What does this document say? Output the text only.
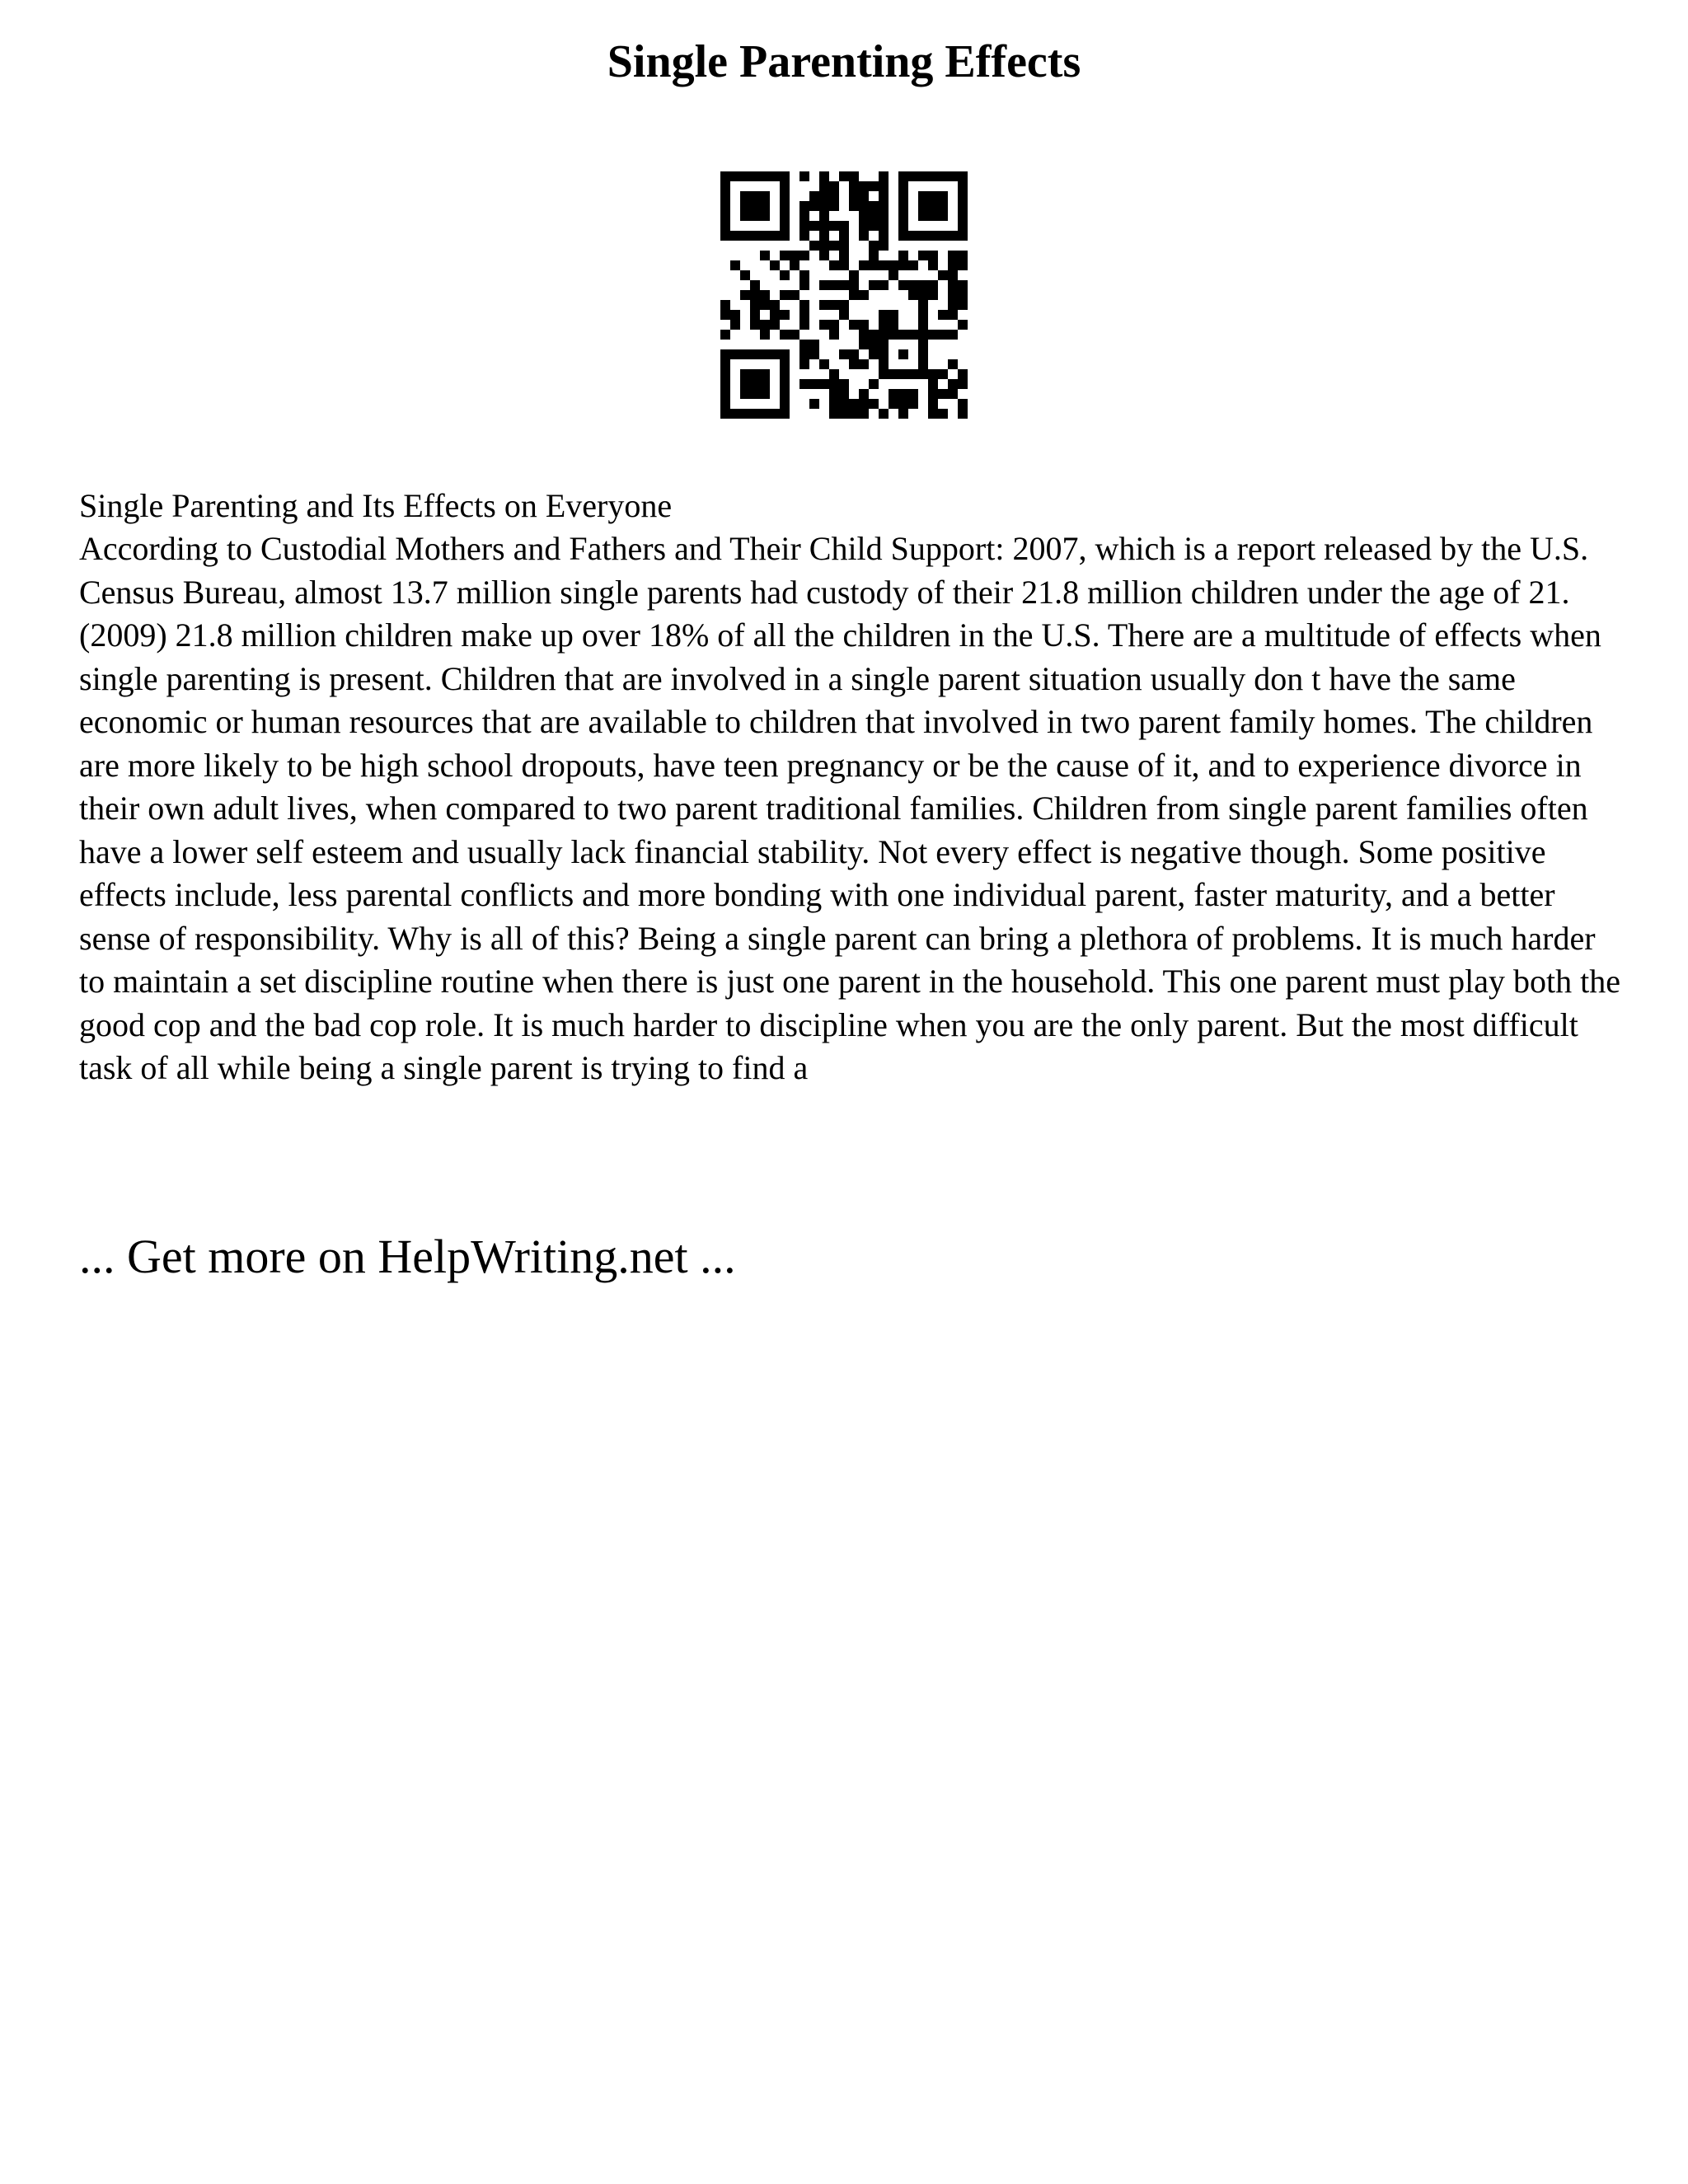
Single Parenting Effects

Single Parenting and Its Effects on Everyone

According to Custodial Mothers and Fathers and Their Child Support: 2007, which is a report released by the U.S. Census Bureau, almost 13.7 million single parents had custody of their 21.8 million children under the age of 21. (2009) 21.8 million children make up over 18% of all the children in the U.S. There are a multitude of effects when single parenting is present. Children that are involved in a single parent situation usually don t have the same economic or human resources that are available to children that involved in two parent family homes. The children are more likely to be high school dropouts, have teen pregnancy or be the cause of it, and to experience divorce in their own adult lives, when compared to two parent traditional families. Children from single parent families often have a lower self esteem and usually lack financial stability. Not every effect is negative though. Some positive effects include, less parental conflicts and more bonding with one individual parent, faster maturity, and a better sense of responsibility. Why is all of this? Being a single parent can bring a plethora of problems. It is much harder to maintain a set discipline routine when there is just one parent in the household. This one parent must play both the good cop and the bad cop role. It is much harder to discipline when you are the only parent. But the most difficult task of all while being a single parent is trying to find a

... Get more on HelpWriting.net ...
